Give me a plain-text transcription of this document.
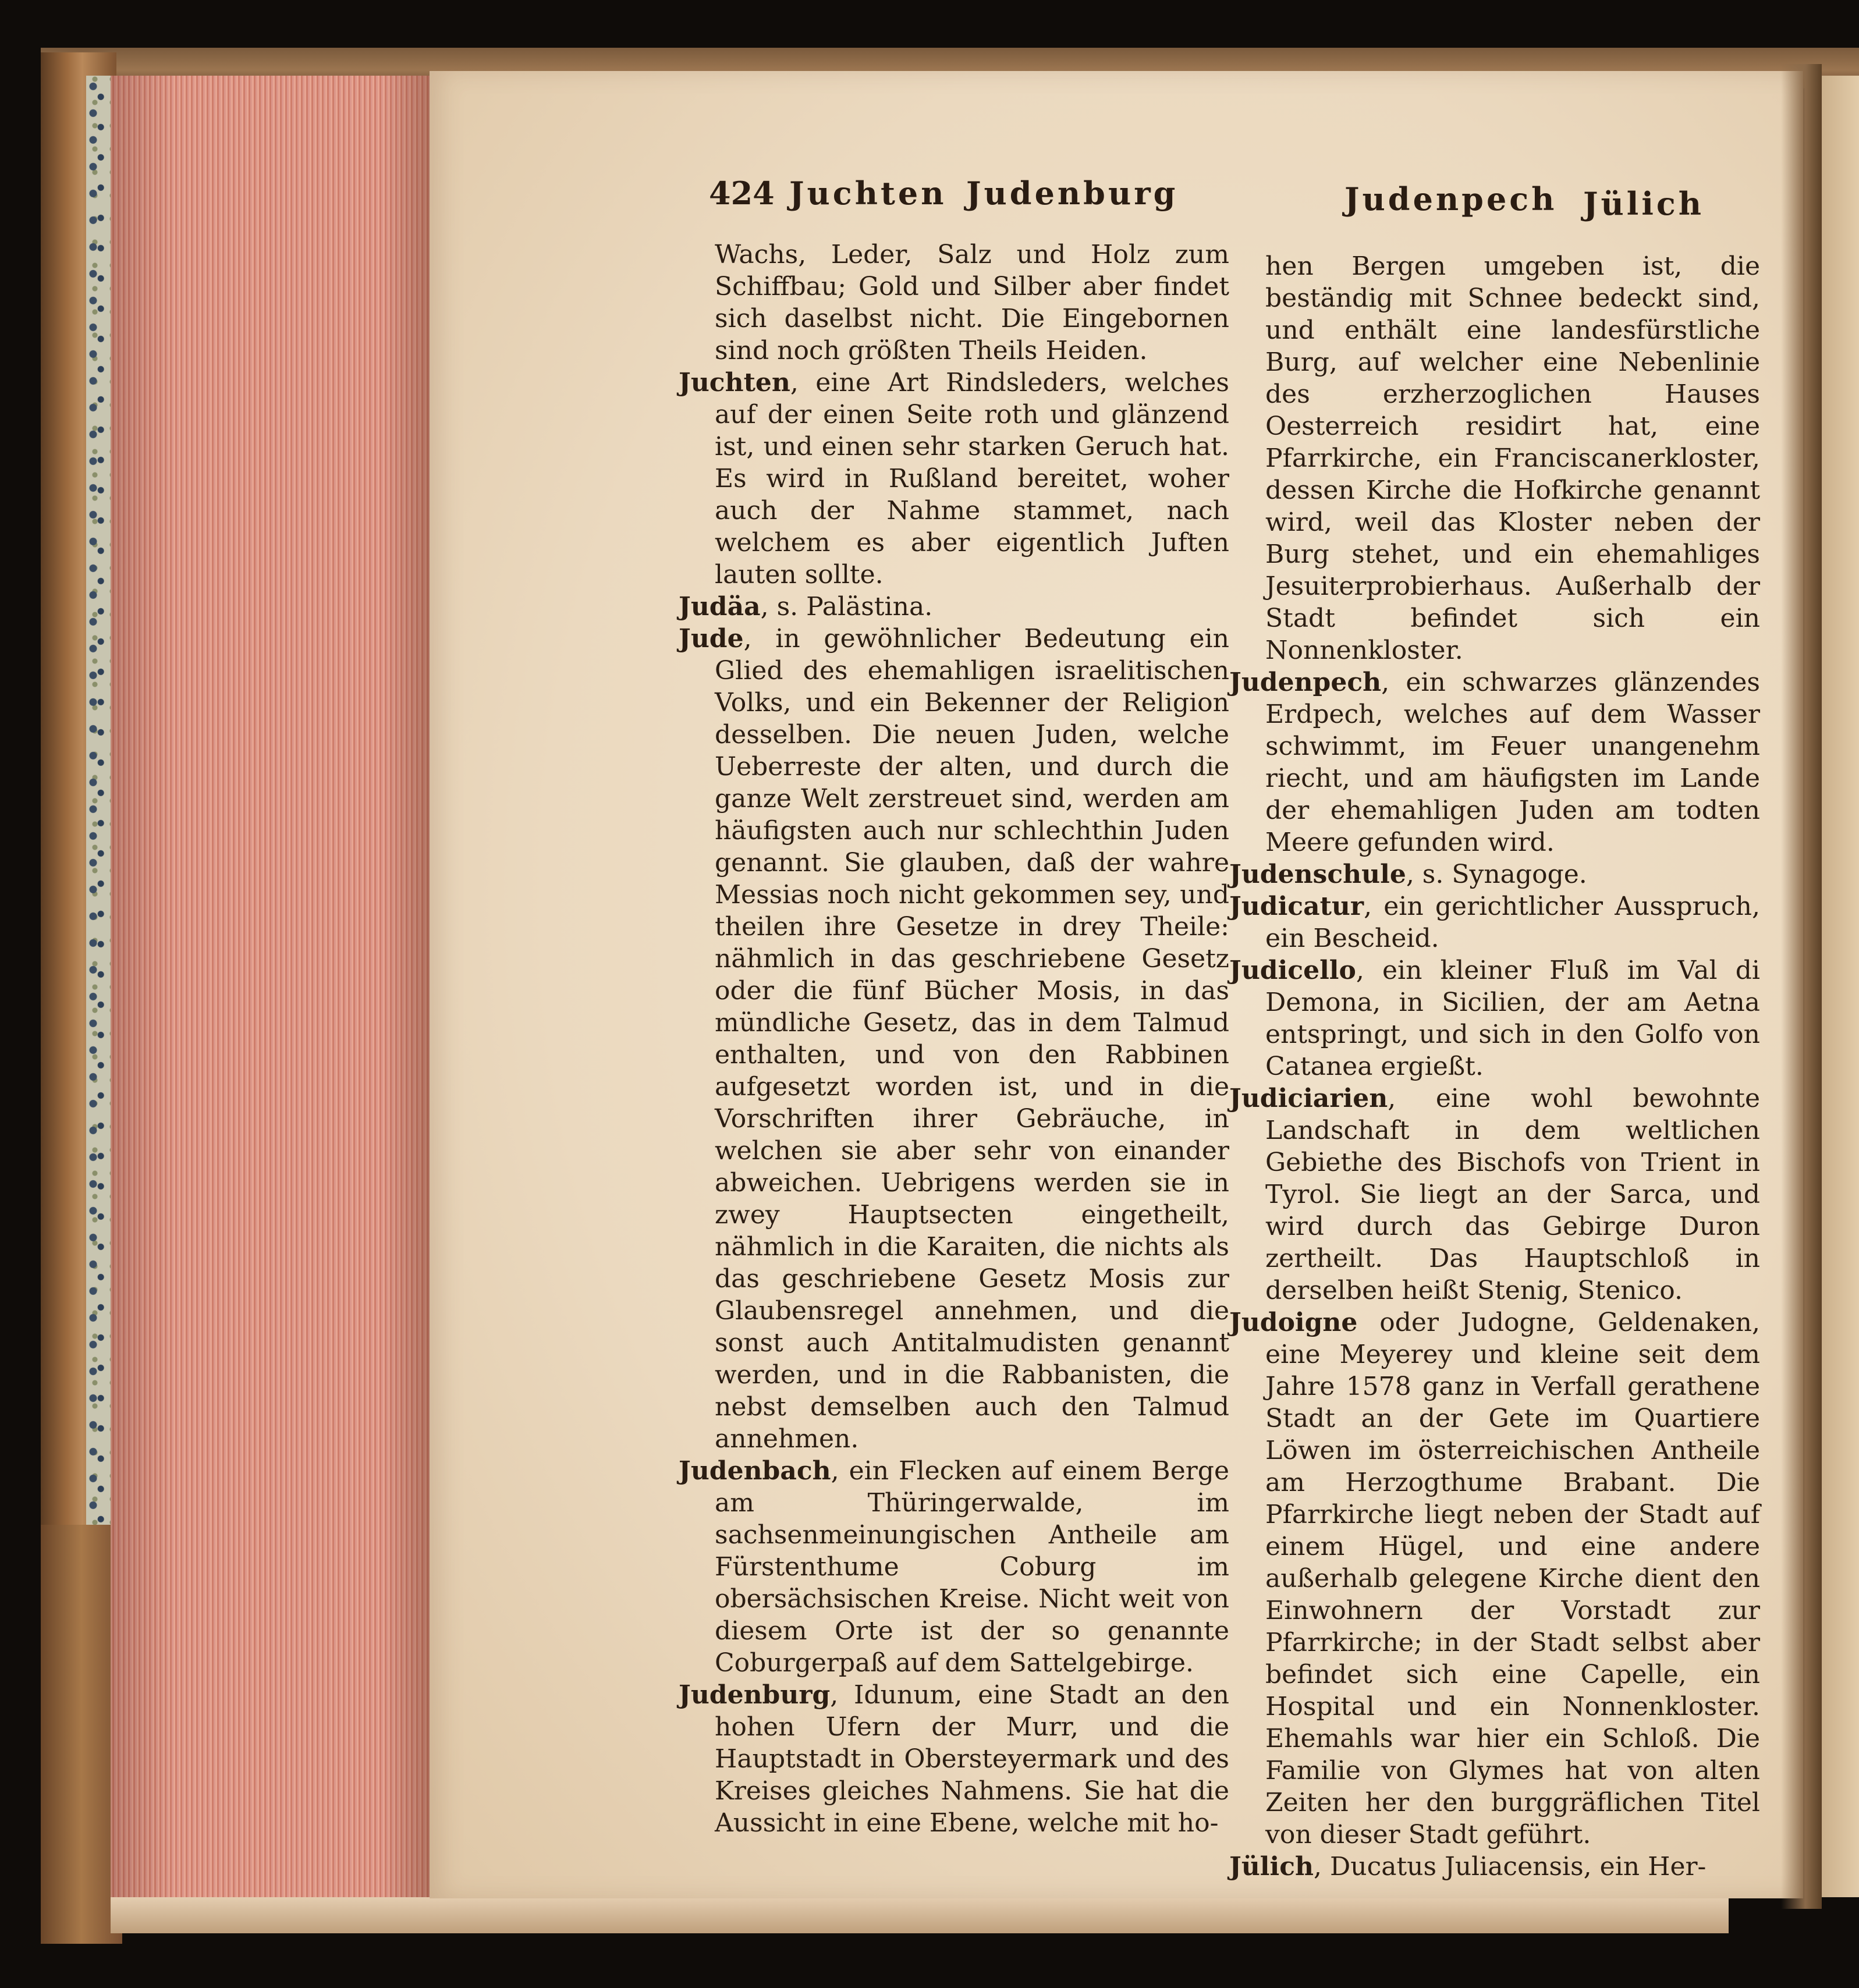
424 Juchten Judenburg	Judenpech Jülich

Wachs, Leder, Salz und Holz zum Schiffbau; Gold und Silber aber findet sich daselbst nicht. Die Eingebornen sind noch größten Theils Heiden.

Juchten, eine Art Rindsleders, welches auf der einen Seite roth und glänzend ist, und einen sehr starken Geruch hat. Es wird in Rußland bereitet, woher auch der Nahme stammet, nach welchem es aber eigentlich Juften lauten sollte.

Judäa, s. Palästina.

Jude, in gewöhnlicher Bedeutung ein Glied des ehemahligen israelitischen Volks, und ein Bekenner der Religion desselben. Die neuen Juden, welche Ueberreste der alten, und durch die ganze Welt zerstreuet sind, werden am häufigsten auch nur schlechthin Juden genannt. Sie glauben, daß der wahre Messias noch nicht gekommen sey, und theilen ihre Gesetze in drey Theile: nähmlich in das geschriebene Gesetz oder die fünf Bücher Mosis, in das mündliche Gesetz, das in dem Talmud enthalten, und von den Rabbinen aufgesetzt worden ist, und in die Vorschriften ihrer Gebräuche, in welchen sie aber sehr von einander abweichen. Uebrigens werden sie in zwey Hauptsecten eingetheilt, nähmlich in die Karaiten, die nichts als das geschriebene Gesetz Mosis zur Glaubensregel annehmen, und die sonst auch Antitalmudisten genannt werden, und in die Rabbanisten, die nebst demselben auch den Talmud annehmen.

Judenbach, ein Flecken auf einem Berge am Thüringerwalde, im sachsenmeinungischen Antheile am Fürstenthume Coburg im obersächsischen Kreise. Nicht weit von diesem Orte ist der so genannte Coburgerpaß auf dem Sattelgebirge.

Judenburg, Idunum, eine Stadt an den hohen Ufern der Murr, und die Hauptstadt in Obersteyermark und des Kreises gleiches Nahmens. Sie hat die Aussicht in eine Ebene, welche mit ho-

hen Bergen umgeben ist, die beständig mit Schnee bedeckt sind, und enthält eine landesfürstliche Burg, auf welcher eine Nebenlinie des erzherzoglichen Hauses Oesterreich residirt hat, eine Pfarrkirche, ein Franciscanerkloster, dessen Kirche die Hofkirche genannt wird, weil das Kloster neben der Burg stehet, und ein ehemahliges Jesuiterprobierhaus. Außerhalb der Stadt befindet sich ein Nonnenkloster.

Judenpech, ein schwarzes glänzendes Erdpech, welches auf dem Wasser schwimmt, im Feuer unangenehm riecht, und am häufigsten im Lande der ehemahligen Juden am todten Meere gefunden wird.

Judenschule, s. Synagoge.

Judicatur, ein gerichtlicher Ausspruch, ein Bescheid.

Judicello, ein kleiner Fluß im Val di Demona, in Sicilien, der am Aetna entspringt, und sich in den Golfo von Catanea ergießt.

Judiciarien, eine wohl bewohnte Landschaft in dem weltlichen Gebiethe des Bischofs von Trient in Tyrol. Sie liegt an der Sarca, und wird durch das Gebirge Duron zertheilt. Das Hauptschloß in derselben heißt Stenig, Stenico.

Judoigne oder Judogne, Geldenaken, eine Meyerey und kleine seit dem Jahre 1578 ganz in Verfall gerathene Stadt an der Gete im Quartiere Löwen im österreichischen Antheile am Herzogthume Brabant. Die Pfarrkirche liegt neben der Stadt auf einem Hügel, und eine andere außerhalb gelegene Kirche dient den Einwohnern der Vorstadt zur Pfarrkirche; in der Stadt selbst aber befindet sich eine Capelle, ein Hospital und ein Nonnenkloster. Ehemahls war hier ein Schloß. Die Familie von Glymes hat von alten Zeiten her den burggräflichen Titel von dieser Stadt geführt.

Jülich, Ducatus Juliacensis, ein Her-
